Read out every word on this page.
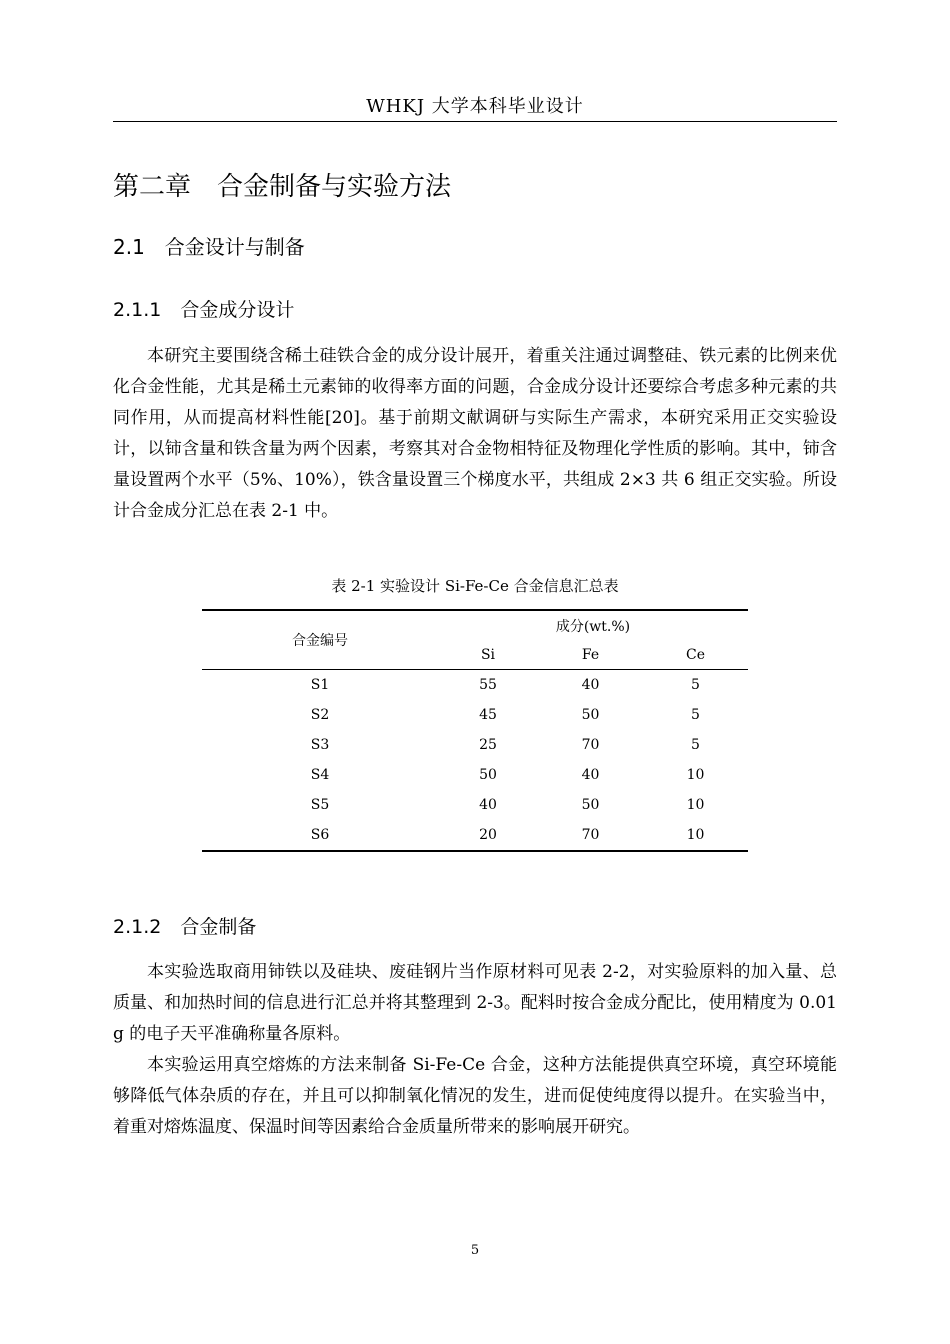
WHKJ 大学本科毕业设计
第二章　合金制备与实验方法
2.1　合金设计与制备
2.1.1　合金成分设计

本研究主要围绕含稀土硅铁合金的成分设计展开，着重关注通过调整硅、铁元素的比例来优化合金性能，尤其是稀土元素铈的收得率方面的问题，合金成分设计还要综合考虑多种元素的共同作用，从而提高材料性能[20]。基于前期文献调研与实际生产需求，本研究采用正交实验设计，以铈含量和铁含量为两个因素，考察其对合金物相特征及物理化学性质的影响。其中，铈含量设置两个水平（5%、10%），铁含量设置三个梯度水平，共组成 2×3 共 6 组正交实验。所设计合金成分汇总在表 2-1 中。

表 2-1 实验设计 Si-Fe-Ce 合金信息汇总表
合金编号	成分(wt.%)		
	Si	Fe	Ce
S1	55	40	5
S2	45	50	5
S3	25	70	5
S4	50	40	10
S5	40	50	10
S6	20	70	10
2.1.2　合金制备

本实验选取商用铈铁以及硅块、废硅钢片当作原材料可见表 2-2，对实验原料的加入量、总质量、和加热时间的信息进行汇总并将其整理到 2-3。配料时按合金成分配比，使用精度为 0.01 g 的电子天平准确称量各原料。

本实验运用真空熔炼的方法来制备 Si-Fe-Ce 合金，这种方法能提供真空环境，真空环境能够降低气体杂质的存在，并且可以抑制氧化情况的发生，进而促使纯度得以提升。在实验当中，着重对熔炼温度、保温时间等因素给合金质量所带来的影响展开研究。

5
